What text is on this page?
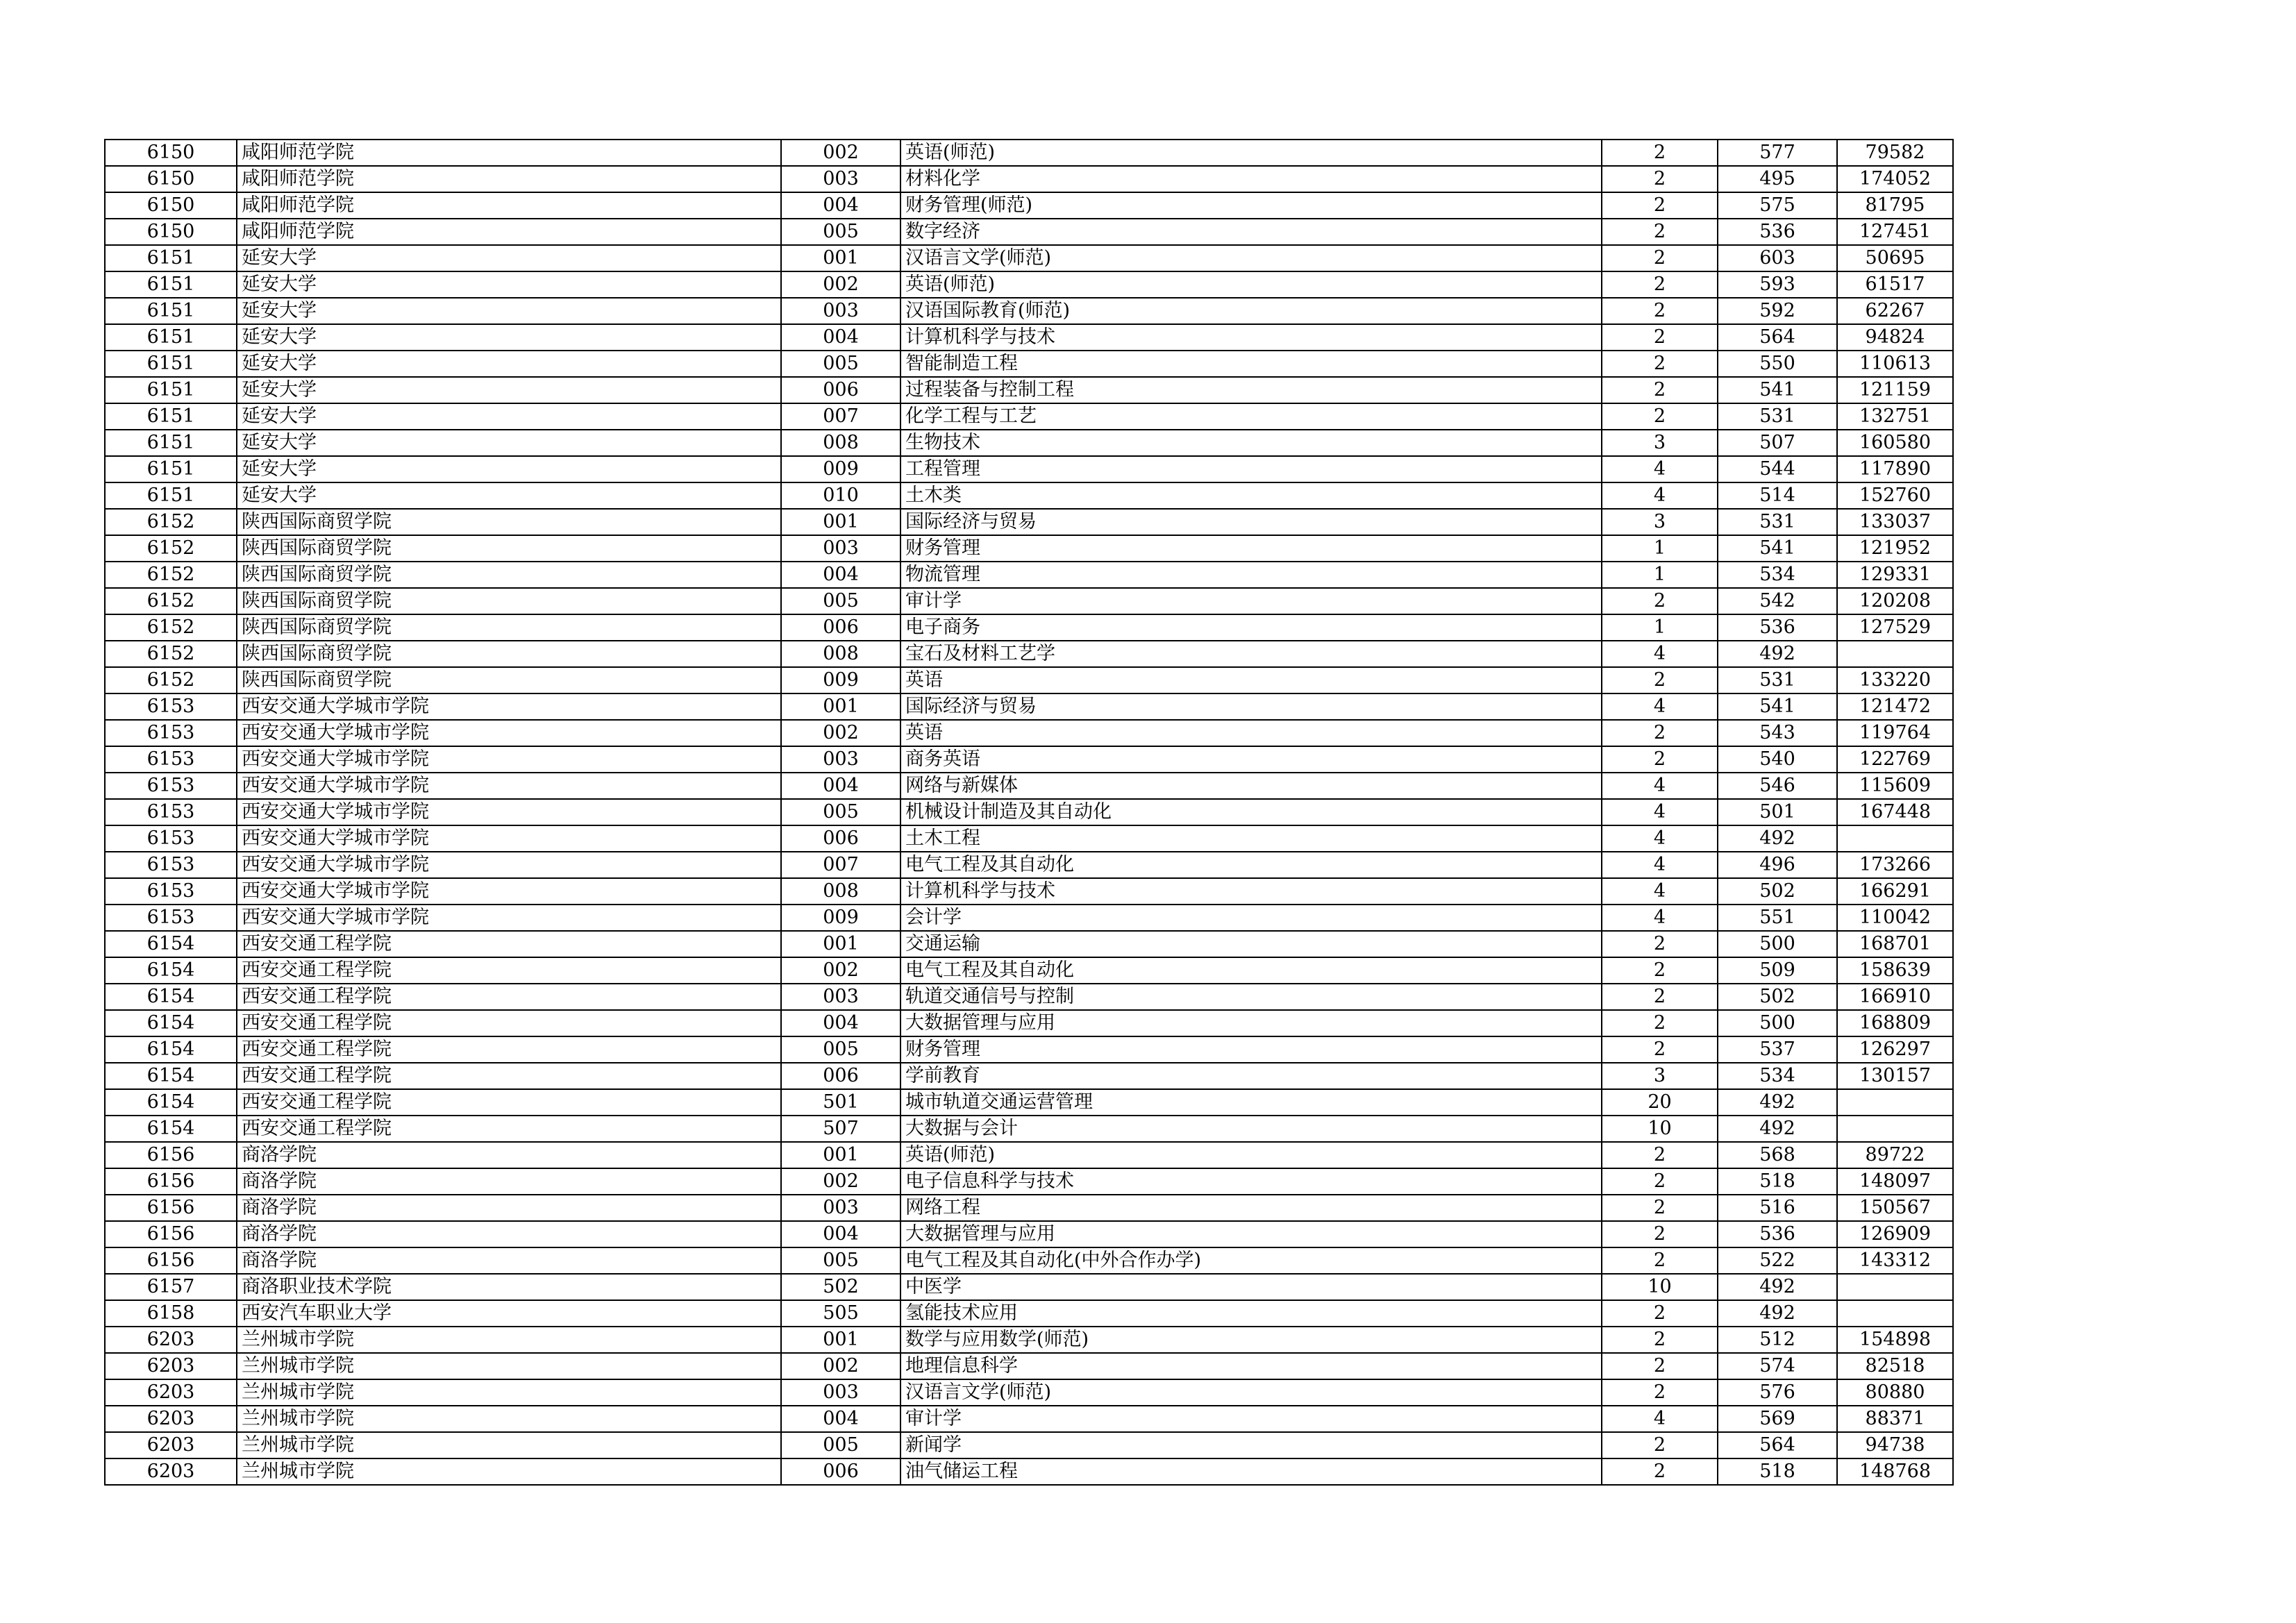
6150	咸阳师范学院	002	英语(师范)	2	577	79582
6150	咸阳师范学院	003	材料化学	2	495	174052
6150	咸阳师范学院	004	财务管理(师范)	2	575	81795
6150	咸阳师范学院	005	数字经济	2	536	127451
6151	延安大学	001	汉语言文学(师范)	2	603	50695
6151	延安大学	002	英语(师范)	2	593	61517
6151	延安大学	003	汉语国际教育(师范)	2	592	62267
6151	延安大学	004	计算机科学与技术	2	564	94824
6151	延安大学	005	智能制造工程	2	550	110613
6151	延安大学	006	过程装备与控制工程	2	541	121159
6151	延安大学	007	化学工程与工艺	2	531	132751
6151	延安大学	008	生物技术	3	507	160580
6151	延安大学	009	工程管理	4	544	117890
6151	延安大学	010	土木类	4	514	152760
6152	陕西国际商贸学院	001	国际经济与贸易	3	531	133037
6152	陕西国际商贸学院	003	财务管理	1	541	121952
6152	陕西国际商贸学院	004	物流管理	1	534	129331
6152	陕西国际商贸学院	005	审计学	2	542	120208
6152	陕西国际商贸学院	006	电子商务	1	536	127529
6152	陕西国际商贸学院	008	宝石及材料工艺学	4	492	
6152	陕西国际商贸学院	009	英语	2	531	133220
6153	西安交通大学城市学院	001	国际经济与贸易	4	541	121472
6153	西安交通大学城市学院	002	英语	2	543	119764
6153	西安交通大学城市学院	003	商务英语	2	540	122769
6153	西安交通大学城市学院	004	网络与新媒体	4	546	115609
6153	西安交通大学城市学院	005	机械设计制造及其自动化	4	501	167448
6153	西安交通大学城市学院	006	土木工程	4	492	
6153	西安交通大学城市学院	007	电气工程及其自动化	4	496	173266
6153	西安交通大学城市学院	008	计算机科学与技术	4	502	166291
6153	西安交通大学城市学院	009	会计学	4	551	110042
6154	西安交通工程学院	001	交通运输	2	500	168701
6154	西安交通工程学院	002	电气工程及其自动化	2	509	158639
6154	西安交通工程学院	003	轨道交通信号与控制	2	502	166910
6154	西安交通工程学院	004	大数据管理与应用	2	500	168809
6154	西安交通工程学院	005	财务管理	2	537	126297
6154	西安交通工程学院	006	学前教育	3	534	130157
6154	西安交通工程学院	501	城市轨道交通运营管理	20	492	
6154	西安交通工程学院	507	大数据与会计	10	492	
6156	商洛学院	001	英语(师范)	2	568	89722
6156	商洛学院	002	电子信息科学与技术	2	518	148097
6156	商洛学院	003	网络工程	2	516	150567
6156	商洛学院	004	大数据管理与应用	2	536	126909
6156	商洛学院	005	电气工程及其自动化(中外合作办学)	2	522	143312
6157	商洛职业技术学院	502	中医学	10	492	
6158	西安汽车职业大学	505	氢能技术应用	2	492	
6203	兰州城市学院	001	数学与应用数学(师范)	2	512	154898
6203	兰州城市学院	002	地理信息科学	2	574	82518
6203	兰州城市学院	003	汉语言文学(师范)	2	576	80880
6203	兰州城市学院	004	审计学	4	569	88371
6203	兰州城市学院	005	新闻学	2	564	94738
6203	兰州城市学院	006	油气储运工程	2	518	148768
